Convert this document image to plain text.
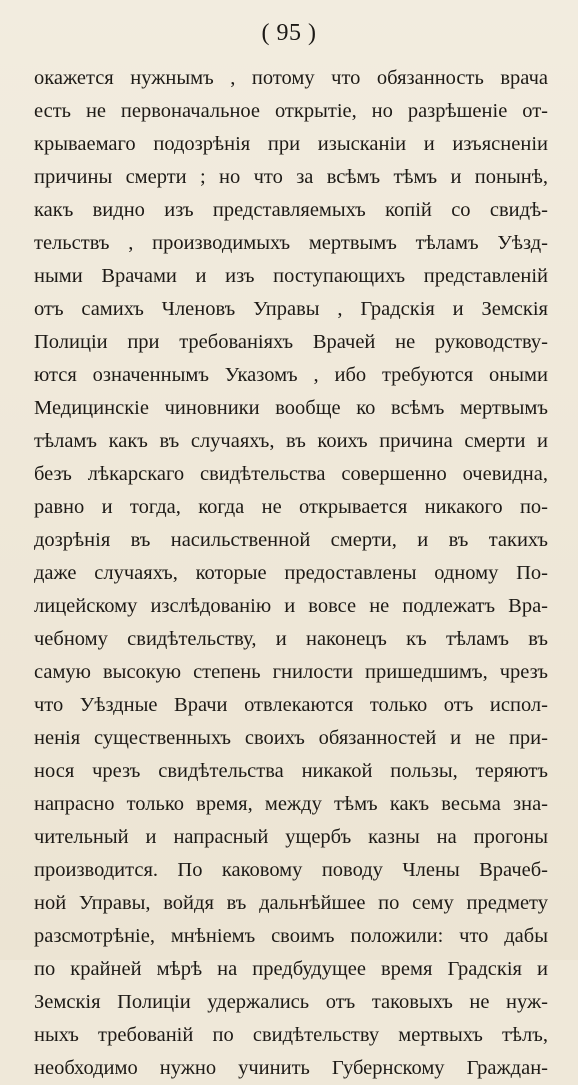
( 95 )
окажется нужнымъ , потому что обязанность врача
есть не первоначальное открытіе, но разрѣшеніе от-
крываемаго подозрѣнія при изысканіи и изъясненіи
причины смерти ; но что за всѣмъ тѣмъ и понынѣ,
какъ видно изъ представляемыхъ копій со свидѣ-
тельствъ , производимыхъ мертвымъ тѣламъ Уѣзд-
ными Врачами и изъ поступающихъ представленій
отъ самихъ Членовъ Управы , Градскія и Земскія
Полиціи при требованіяхъ Врачей не руководству-
ются означеннымъ Указомъ , ибо требуются оными
Медицинскіе чиновники вообще ко всѣмъ мертвымъ
тѣламъ какъ въ случаяхъ, въ коихъ причина смерти и
безъ лѣкарскаго свидѣтельства совершенно очевидна,
равно и тогда, когда не открывается никакого по-
дозрѣнія въ насильственной смерти, и въ такихъ
даже случаяхъ, которые предоставлены одному По-
лицейскому изслѣдованію и вовсе не подлежатъ Вра-
чебному свидѣтельству, и наконецъ къ тѣламъ въ
самую высокую степень гнилости пришедшимъ, чрезъ
что Уѣздные Врачи отвлекаются только отъ испол-
ненія существенныхъ своихъ обязанностей и не при-
нося чрезъ свидѣтельства никакой пользы, теряютъ
напрасно только время, между тѣмъ какъ весьма зна-
чительный и напрасный ущербъ казны на прогоны
производится. По каковому поводу Члены Врачеб-
ной Управы, войдя въ дальнѣйшее по сему предмету
разсмотрѣніе, мнѣніемъ своимъ положили: что дабы
по крайней мѣрѣ на предбудущее время Градскія и
Земскія Полиціи удержались отъ таковыхъ не нуж-
ныхъ требованій по свидѣтельству мертвыхъ тѣлъ,
необходимо нужно учинить Губернскому Граждан-
